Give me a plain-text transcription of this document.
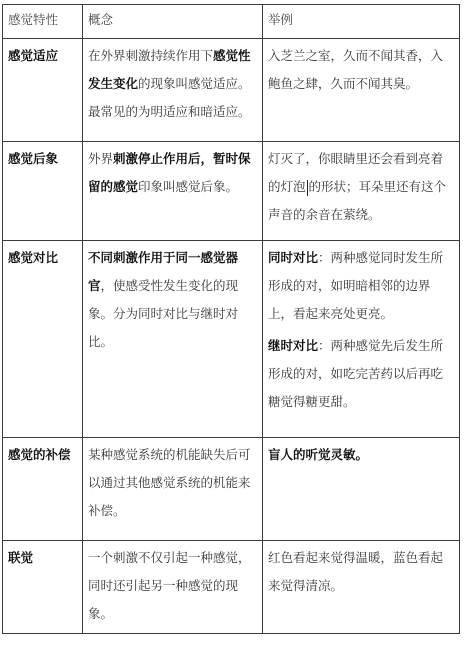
感觉特性	概念	举例
感觉适应	在外界刺激持续作用下感觉性发生变化的现象叫感觉适应。最常见的为明适应和暗适应。	入芝兰之室，久而不闻其香，入鲍鱼之肆，久而不闻其臭。
感觉后象	外界刺激停止作用后，暂时保留的感觉印象叫感觉后象。	灯灭了，你眼睛里还会看到亮着的灯泡 的形状；耳朵里还有这个声音的余音在萦绕。
感觉对比	不同刺激作用于同一感觉器官，使感受性发生变化的现象。分为同时对比与继时对比。	同时对比：两种感觉同时发生所形成的对，如明暗相邻的边界上，看起来亮处更亮。
继时对比：两种感觉先后发生所形成的对，如吃完苦药以后再吃糖觉得糖更甜。

感觉的补偿	某种感觉系统的机能缺失后可以通过其他感觉系统的机能来补偿。	盲人的听觉灵敏。
联觉	一个刺激不仅引起一种感觉，同时还引起另一种感觉的现象。	红色看起来觉得温暖，蓝色看起来觉得清凉。
